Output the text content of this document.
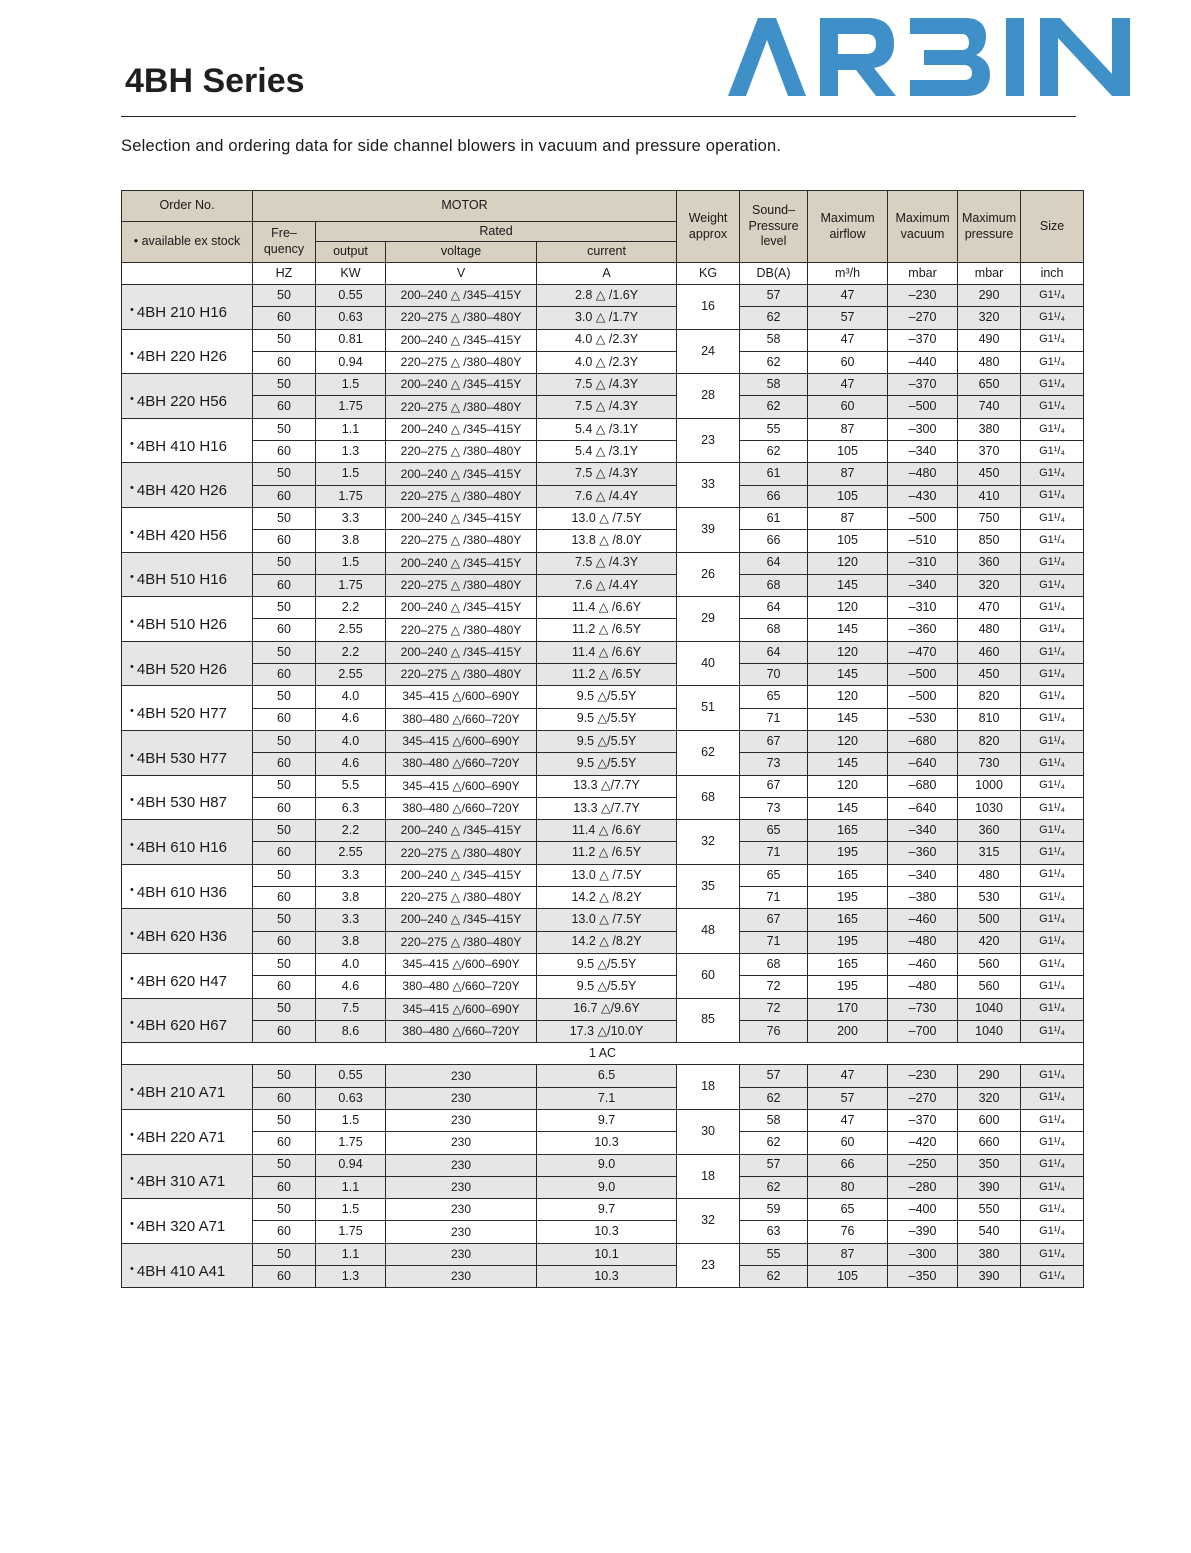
4BH Series

Selection and ordering data for side channel blowers in vacuum and pressure operation.

Order No.	MOTOR				Weight approx	Sound– Pressure level	Maximum airflow	Maximum vacuum	Maximum pressure	Size
• available ex stock	Fre– quency	Rated								
		output	voltage	current						
	HZ	KW	V	A	KG	DB(A)	m³/h	mbar	mbar	inch
• 4BH 210 H16	50	0.55	200–240 △ /345–415Y	2.8 △ /1.6Y	16	57	47	–230	290	G1¹/₄
	60	0.63	220–275 △ /380–480Y	3.0 △ /1.7Y		62	57	–270	320	G1¹/₄
• 4BH 220 H26	50	0.81	200–240 △ /345–415Y	4.0 △ /2.3Y	24	58	47	–370	490	G1¹/₄
	60	0.94	220–275 △ /380–480Y	4.0 △ /2.3Y		62	60	–440	480	G1¹/₄
• 4BH 220 H56	50	1.5	200–240 △ /345–415Y	7.5 △ /4.3Y	28	58	47	–370	650	G1¹/₄
	60	1.75	220–275 △ /380–480Y	7.5 △ /4.3Y		62	60	–500	740	G1¹/₄
• 4BH 410 H16	50	1.1	200–240 △ /345–415Y	5.4 △ /3.1Y	23	55	87	–300	380	G1¹/₄
	60	1.3	220–275 △ /380–480Y	5.4 △ /3.1Y		62	105	–340	370	G1¹/₄
• 4BH 420 H26	50	1.5	200–240 △ /345–415Y	7.5 △ /4.3Y	33	61	87	–480	450	G1¹/₄
	60	1.75	220–275 △ /380–480Y	7.6 △ /4.4Y		66	105	–430	410	G1¹/₄
• 4BH 420 H56	50	3.3	200–240 △ /345–415Y	13.0 △ /7.5Y	39	61	87	–500	750	G1¹/₄
	60	3.8	220–275 △ /380–480Y	13.8 △ /8.0Y		66	105	–510	850	G1¹/₄
• 4BH 510 H16	50	1.5	200–240 △ /345–415Y	7.5 △ /4.3Y	26	64	120	–310	360	G1¹/₄
	60	1.75	220–275 △ /380–480Y	7.6 △ /4.4Y		68	145	–340	320	G1¹/₄
• 4BH 510 H26	50	2.2	200–240 △ /345–415Y	11.4 △ /6.6Y	29	64	120	–310	470	G1¹/₄
	60	2.55	220–275 △ /380–480Y	11.2 △ /6.5Y		68	145	–360	480	G1¹/₄
• 4BH 520 H26	50	2.2	200–240 △ /345–415Y	11.4 △ /6.6Y	40	64	120	–470	460	G1¹/₄
	60	2.55	220–275 △ /380–480Y	11.2 △ /6.5Y		70	145	–500	450	G1¹/₄
• 4BH 520 H77	50	4.0	345–415 △/600–690Y	9.5 △/5.5Y	51	65	120	–500	820	G1¹/₄
	60	4.6	380–480 △/660–720Y	9.5 △/5.5Y		71	145	–530	810	G1¹/₄
• 4BH 530 H77	50	4.0	345–415 △/600–690Y	9.5 △/5.5Y	62	67	120	–680	820	G1¹/₄
	60	4.6	380–480 △/660–720Y	9.5 △/5.5Y		73	145	–640	730	G1¹/₄
• 4BH 530 H87	50	5.5	345–415 △/600–690Y	13.3 △/7.7Y	68	67	120	–680	1000	G1¹/₄
	60	6.3	380–480 △/660–720Y	13.3 △/7.7Y		73	145	–640	1030	G1¹/₄
• 4BH 610 H16	50	2.2	200–240 △ /345–415Y	11.4 △ /6.6Y	32	65	165	–340	360	G1¹/₄
	60	2.55	220–275 △ /380–480Y	11.2 △ /6.5Y		71	195	–360	315	G1¹/₄
• 4BH 610 H36	50	3.3	200–240 △ /345–415Y	13.0 △ /7.5Y	35	65	165	–340	480	G1¹/₄
	60	3.8	220–275 △ /380–480Y	14.2 △ /8.2Y		71	195	–380	530	G1¹/₄
• 4BH 620 H36	50	3.3	200–240 △ /345–415Y	13.0 △ /7.5Y	48	67	165	–460	500	G1¹/₄
	60	3.8	220–275 △ /380–480Y	14.2 △ /8.2Y		71	195	–480	420	G1¹/₄
• 4BH 620 H47	50	4.0	345–415 △/600–690Y	9.5 △/5.5Y	60	68	165	–460	560	G1¹/₄
	60	4.6	380–480 △/660–720Y	9.5 △/5.5Y		72	195	–480	560	G1¹/₄
• 4BH 620 H67	50	7.5	345–415 △/600–690Y	16.7 △/9.6Y	85	72	170	–730	1040	G1¹/₄
	60	8.6	380–480 △/660–720Y	17.3 △/10.0Y		76	200	–700	1040	G1¹/₄
1 AC										
• 4BH 210 A71	50	0.55	230	6.5	18	57	47	–230	290	G1¹/₄
	60	0.63	230	7.1		62	57	–270	320	G1¹/₄
• 4BH 220 A71	50	1.5	230	9.7	30	58	47	–370	600	G1¹/₄
	60	1.75	230	10.3		62	60	–420	660	G1¹/₄
• 4BH 310 A71	50	0.94	230	9.0	18	57	66	–250	350	G1¹/₄
	60	1.1	230	9.0		62	80	–280	390	G1¹/₄
• 4BH 320 A71	50	1.5	230	9.7	32	59	65	–400	550	G1¹/₄
	60	1.75	230	10.3		63	76	–390	540	G1¹/₄
• 4BH 410 A41	50	1.1	230	10.1	23	55	87	–300	380	G1¹/₄
	60	1.3	230	10.3		62	105	–350	390	G1¹/₄
